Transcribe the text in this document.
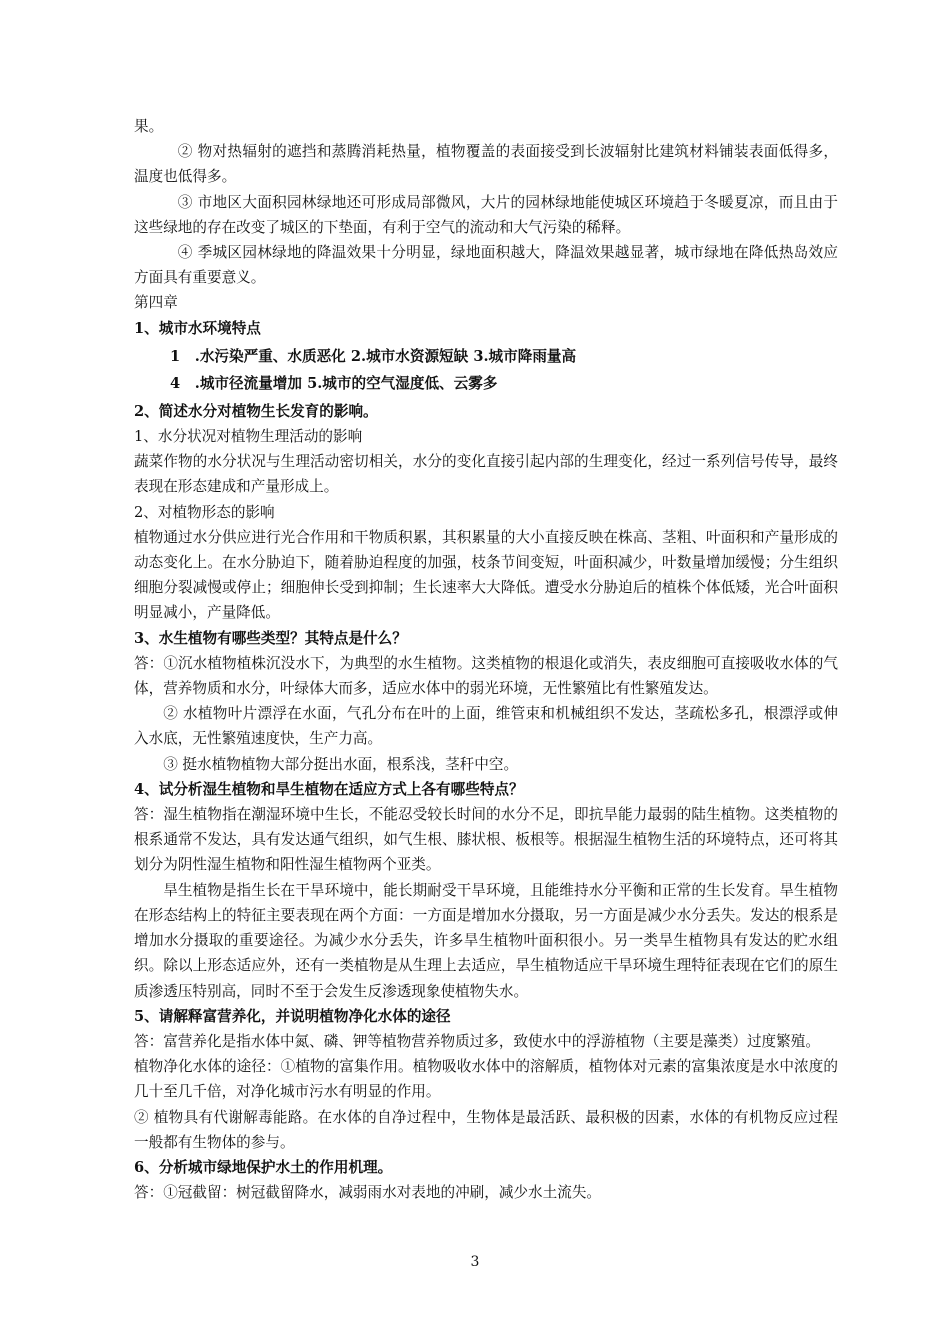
果。

② 物对热辐射的遮挡和蒸腾消耗热量，植物覆盖的表面接受到长波辐射比建筑材料铺装表面低得多，温度也低得多。

③ 市地区大面积园林绿地还可形成局部微风，大片的园林绿地能使城区环境趋于冬暖夏凉，而且由于这些绿地的存在改变了城区的下垫面，有利于空气的流动和大气污染的稀释。

④ 季城区园林绿地的降温效果十分明显，绿地面积越大，降温效果越显著，城市绿地在降低热岛效应方面具有重要意义。

第四章

1、城市水环境特点

1　.水污染严重、水质恶化 2.城市水资源短缺 3.城市降雨量高

4　.城市径流量增加 5.城市的空气湿度低、云雾多

2、简述水分对植物生长发育的影响。

1、水分状况对植物生理活动的影响

蔬菜作物的水分状况与生理活动密切相关，水分的变化直接引起内部的生理变化，经过一系列信号传导，最终表现在形态建成和产量形成上。

2、对植物形态的影响

植物通过水分供应进行光合作用和干物质积累，其积累量的大小直接反映在株高、茎粗、叶面积和产量形成的动态变化上。在水分胁迫下，随着胁迫程度的加强，枝条节间变短，叶面积减少，叶数量增加缓慢；分生组织细胞分裂减慢或停止；细胞伸长受到抑制；生长速率大大降低。遭受水分胁迫后的植株个体低矮，光合叶面积明显减小，产量降低。

3、水生植物有哪些类型？其特点是什么？

答：①沉水植物植株沉没水下，为典型的水生植物。这类植物的根退化或消失，表皮细胞可直接吸收水体的气体，营养物质和水分，叶绿体大而多，适应水体中的弱光环境，无性繁殖比有性繁殖发达。

② 水植物叶片漂浮在水面，气孔分布在叶的上面，维管束和机械组织不发达，茎疏松多孔，根漂浮或伸入水底，无性繁殖速度快，生产力高。

③ 挺水植物植物大部分挺出水面，根系浅，茎秆中空。

4、试分析湿生植物和旱生植物在适应方式上各有哪些特点？

答：湿生植物指在潮湿环境中生长，不能忍受较长时间的水分不足，即抗旱能力最弱的陆生植物。这类植物的根系通常不发达，具有发达通气组织，如气生根、膝状根、板根等。根据湿生植物生活的环境特点，还可将其划分为阴性湿生植物和阳性湿生植物两个亚类。

旱生植物是指生长在干旱环境中，能长期耐受干旱环境，且能维持水分平衡和正常的生长发育。旱生植物在形态结构上的特征主要表现在两个方面：一方面是增加水分摄取，另一方面是减少水分丢失。发达的根系是增加水分摄取的重要途径。为减少水分丢失，许多旱生植物叶面积很小。另一类旱生植物具有发达的贮水组织。除以上形态适应外，还有一类植物是从生理上去适应，旱生植物适应干旱环境生理特征表现在它们的原生质渗透压特别高，同时不至于会发生反渗透现象使植物失水。

5、请解释富营养化，并说明植物净化水体的途径

答：富营养化是指水体中氮、磷、钾等植物营养物质过多，致使水中的浮游植物（主要是藻类）过度繁殖。

植物净化水体的途径：①植物的富集作用。植物吸收水体中的溶解质，植物体对元素的富集浓度是水中浓度的几十至几千倍，对净化城市污水有明显的作用。

② 植物具有代谢解毒能路。在水体的自净过程中，生物体是最活跃、最积极的因素，水体的有机物反应过程一般都有生物体的参与。

6、分析城市绿地保护水土的作用机理。

答：①冠截留：树冠截留降水，减弱雨水对表地的冲刷，减少水土流失。

3
